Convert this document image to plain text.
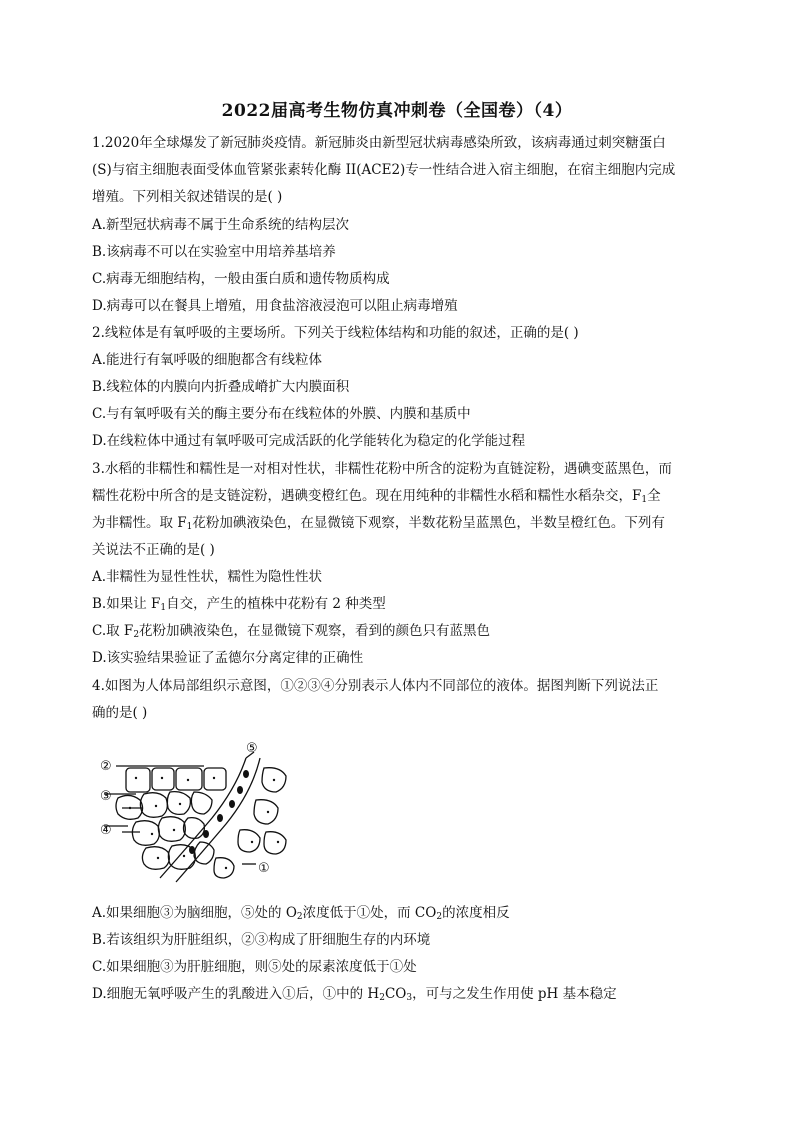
2022届高考生物仿真冲刺卷（全国卷）（4）
1.2020年全球爆发了新冠肺炎疫情。新冠肺炎由新型冠状病毒感染所致，该病毒通过刺突糖蛋白
(S)与宿主细胞表面受体血管紧张素转化酶 II(ACE2)专一性结合进入宿主细胞，在宿主细胞内完成
增殖。下列相关叙述错误的是( )
A.新型冠状病毒不属于生命系统的结构层次
B.该病毒不可以在实验室中用培养基培养
C.病毒无细胞结构，一般由蛋白质和遗传物质构成
D.病毒可以在餐具上增殖，用食盐溶液浸泡可以阻止病毒增殖
2.线粒体是有氧呼吸的主要场所。下列关于线粒体结构和功能的叙述，正确的是( )
A.能进行有氧呼吸的细胞都含有线粒体
B.线粒体的内膜向内折叠成嵴扩大内膜面积
C.与有氧呼吸有关的酶主要分布在线粒体的外膜、内膜和基质中
D.在线粒体中通过有氧呼吸可完成活跃的化学能转化为稳定的化学能过程
3.水稻的非糯性和糯性是一对相对性状，非糯性花粉中所含的淀粉为直链淀粉，遇碘变蓝黑色，而
糯性花粉中所含的是支链淀粉，遇碘变橙红色。现在用纯种的非糯性水稻和糯性水稻杂交，$F_1$全
为非糯性。取 $F_1$花粉加碘液染色，在显微镜下观察，半数花粉呈蓝黑色，半数呈橙红色。下列有
关说法不正确的是( )
A.非糯性为显性性状，糯性为隐性性状
B.如果让 $F_1$自交，产生的植株中花粉有 2 种类型
C.取 $F_2$花粉加碘液染色，在显微镜下观察，看到的颜色只有蓝黑色
D.该实验结果验证了孟德尔分离定律的正确性
4.如图为人体局部组织示意图，①②③④分别表示人体内不同部位的液体。据图判断下列说法正
确的是( )
⑤
②
③
④
①
A.如果细胞③为脑细胞，⑤处的 $O_2$浓度低于①处，而 $CO_2$的浓度相反
B.若该组织为肝脏组织，②③构成了肝细胞生存的内环境
C.如果细胞③为肝脏细胞，则⑤处的尿素浓度低于①处
D.细胞无氧呼吸产生的乳酸进入①后，①中的 $H_2CO_3$，可与之发生作用使 pH 基本稳定
